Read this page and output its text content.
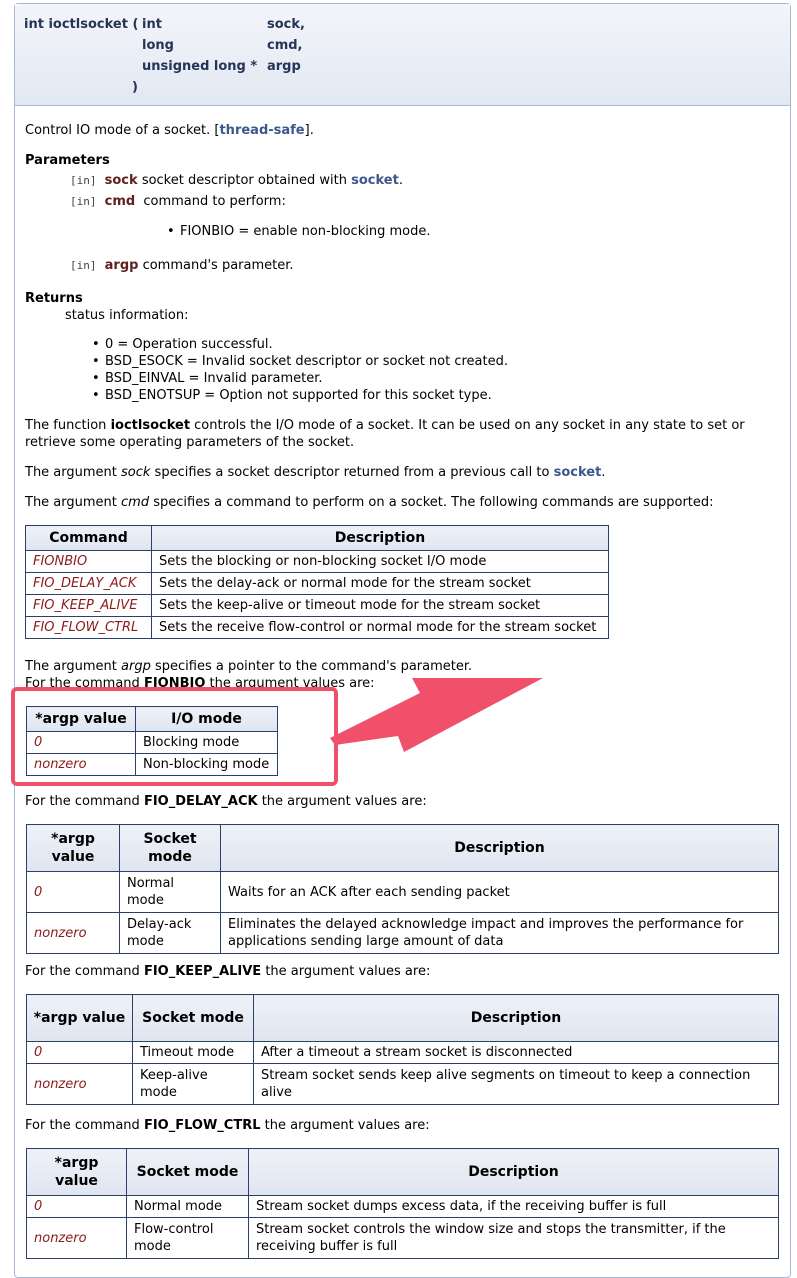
int ioctlsocket ( int	sock,
long	cmd,
unsigned long * argp
)
Control IO mode of a socket. [thread-safe].
Parameters
[in] sock socket descriptor obtained with socket.
[in] cmd command to perform:
• FIONBIO = enable non-blocking mode.
[in] argp command's parameter.
Returns
status information:
• 0 = Operation successful.
• BSD_ESOCK = Invalid socket descriptor or socket not created.
• BSD_EINVAL = Invalid parameter.
• BSD_ENOTSUP = Option not supported for this socket type.
The function ioctlsocket controls the I/O mode of a socket. It can be used on any socket in any state to set or
retrieve some operating parameters of the socket.
The argument sock specifies a socket descriptor returned from a previous call to socket.
The argument cmd specifies a command to perform on a socket. The following commands are supported:
Command	Description
FIONBIO	Sets the blocking or non-blocking socket I/O mode
FIO_DELAY_ACK	Sets the delay-ack or normal mode for the stream socket
FIO_KEEP_ALIVE	Sets the keep-alive or timeout mode for the stream socket
FIO_FLOW_CTRL	Sets the receive flow-control or normal mode for the stream socket
The argument argp specifies a pointer to the command's parameter.
For the command FIONBIO the argument values are:
*argp value	I/O mode
0	Blocking mode
nonzero	Non-blocking mode
For the command FIO_DELAY_ACK the argument values are:
*argp value	Socket mode	Description
0	Normal mode	Waits for an ACK after each sending packet
nonzero	Delay-ack mode	Eliminates the delayed acknowledge impact and improves the performance for applications sending large amount of data
For the command FIO_KEEP_ALIVE the argument values are:
*argp value	Socket mode	Description
0	Timeout mode	After a timeout a stream socket is disconnected
nonzero	Keep-alive mode	Stream socket sends keep alive segments on timeout to keep a connection alive
For the command FIO_FLOW_CTRL the argument values are:
*argp value	Socket mode	Description
0	Normal mode	Stream socket dumps excess data, if the receiving buffer is full
nonzero	Flow-control mode	Stream socket controls the window size and stops the transmitter, if the receiving buffer is full
